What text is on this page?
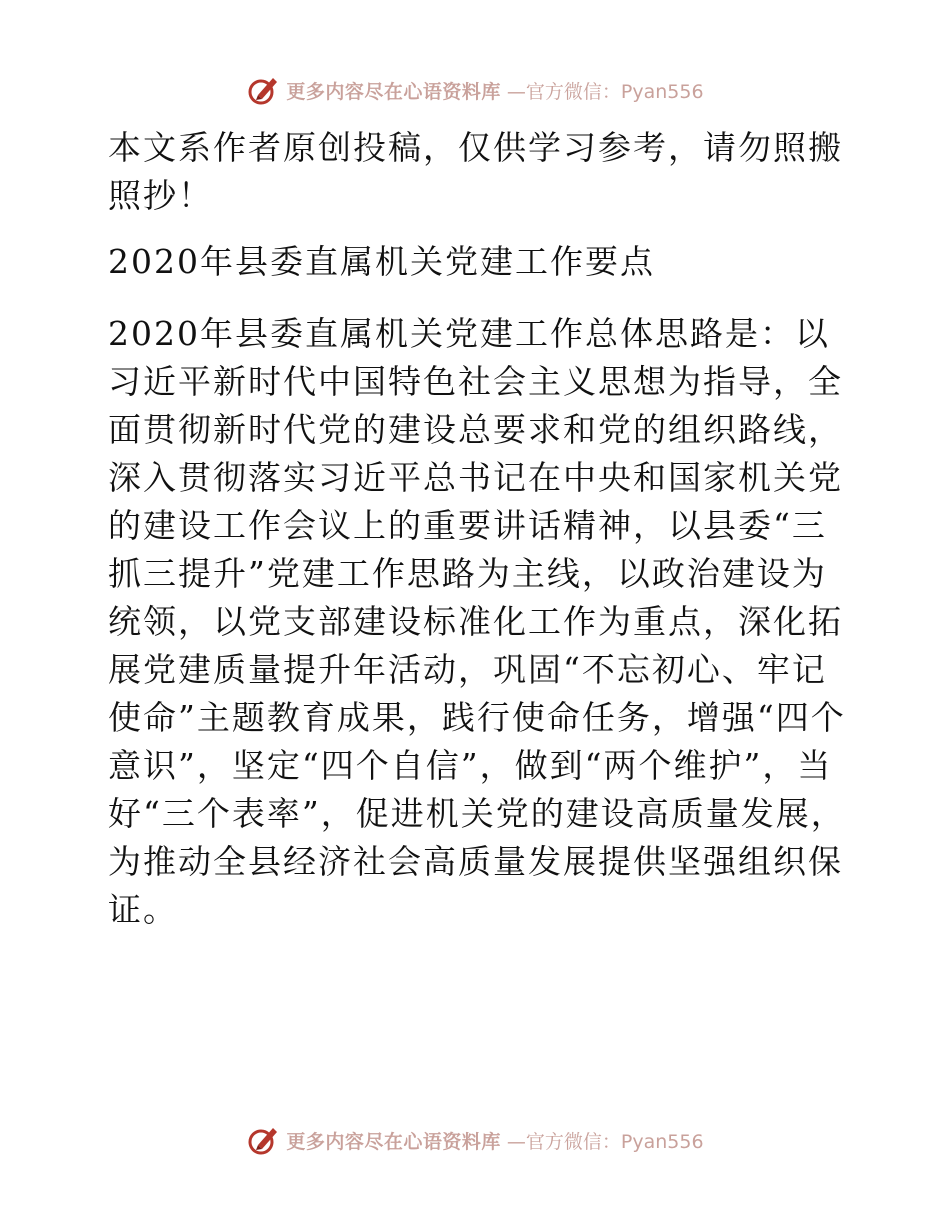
更多内容尽在心语资料库 —官方微信：Pyan556

本文系作者原创投稿，仅供学习参考，请勿照搬照抄！

2020年县委直属机关党建工作要点

2020年县委直属机关党建工作总体思路是：以习近平新时代中国特色社会主义思想为指导，全面贯彻新时代党的建设总要求和党的组织路线，深入贯彻落实习近平总书记在中央和国家机关党的建设工作会议上的重要讲话精神，以县委“三抓三提升”党建工作思路为主线，以政治建设为统领，以党支部建设标准化工作为重点，深化拓展党建质量提升年活动，巩固“不忘初心、牢记使命”主题教育成果，践行使命任务，增强“四个意识”，坚定“四个自信”，做到“两个维护”，当好“三个表率”，促进机关党的建设高质量发展，为推动全县经济社会高质量发展提供坚强组织保证。

更多内容尽在心语资料库 —官方微信：Pyan556
